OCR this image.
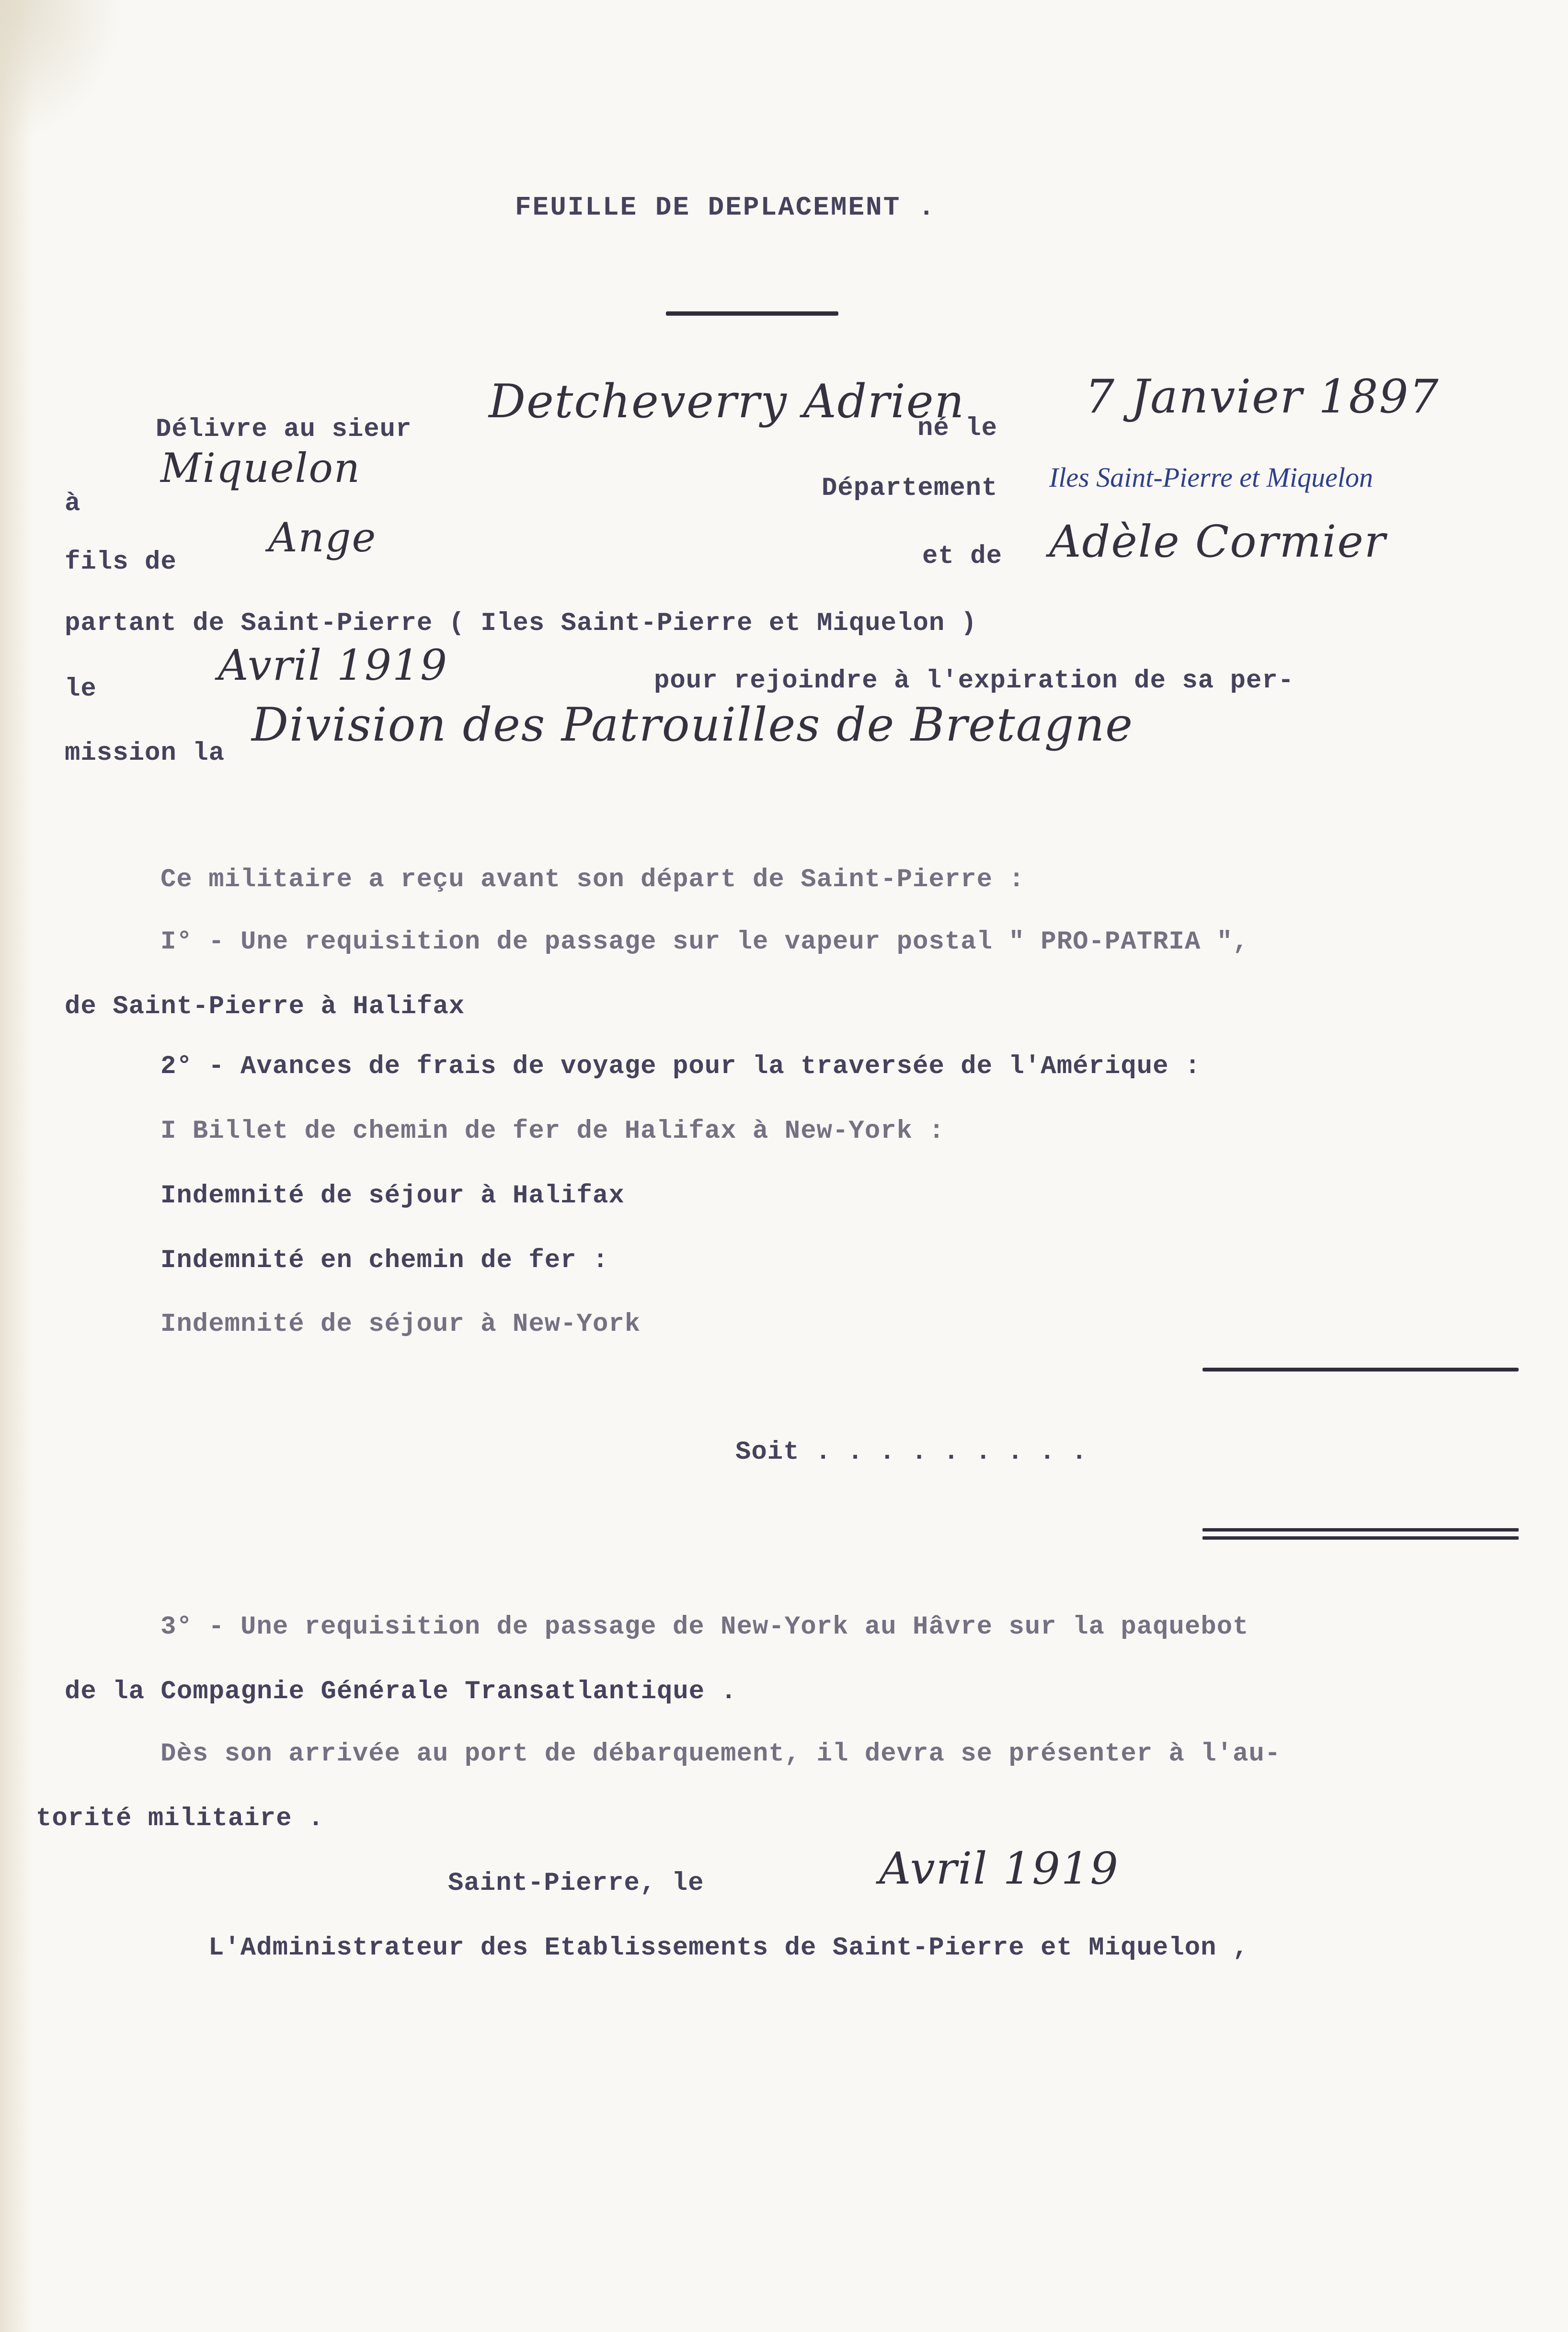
FEUILLE DE DEPLACEMENT .
Délivre au sieur
Detcheverry Adrien
né le
7 Janvier 1897
à
Miquelon	Département Iles Saint-Pierre et Miquelon
fils de
Ange	et de Adèle Cormier
partant de Saint-Pierre ( Iles Saint-Pierre et Miquelon )
le	Avril 1919	pour rejoindre à l'expiration de sa per-
mission la
Division des Patrouilles de Bretagne
Ce militaire a reçu avant son départ de Saint-Pierre :
I° - Une requisition de passage sur le vapeur postal " PRO-PATRIA ",
de Saint-Pierre à Halifax
2° - Avances de frais de voyage pour la traversée de l'Amérique :
I Billet de chemin de fer de Halifax à New-York :
Indemnité de séjour à Halifax
Indemnité en chemin de fer :
Indemnité de séjour à New-York
Soit . . . . . . . . .
3° - Une requisition de passage de New-York au Hâvre sur la paquebot
de la Compagnie Générale Transatlantique .
Dès son arrivée au port de débarquement, il devra se présenter à l'au-
torité militaire .
Saint-Pierre, le	Avril 1919
L'Administrateur des Etablissements de Saint-Pierre et Miquelon ,
